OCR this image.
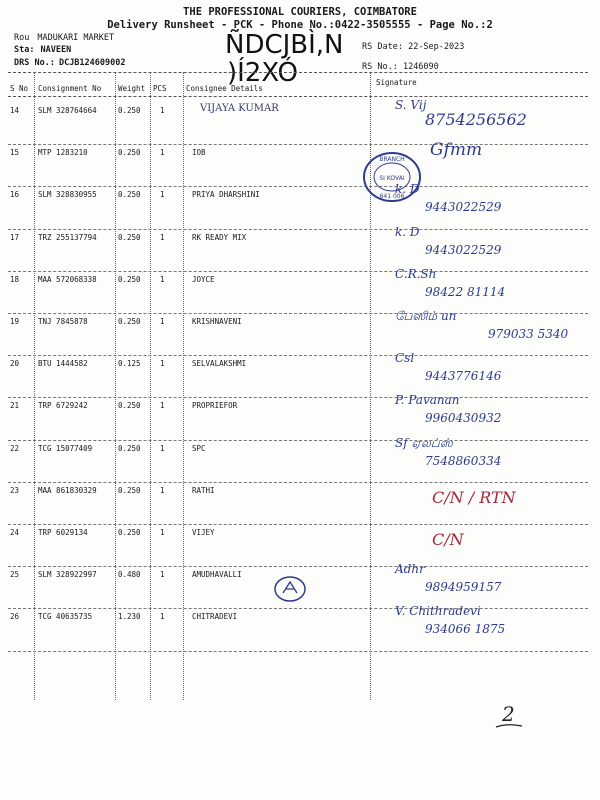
THE PROFESSIONAL COURIERS, COIMBATORE
Delivery Runsheet - PCK - Phone No.:0422-3505555 - Page No.:2
ÑDCJBÌ,N
)Í2XÓ
Rou MADUKARI MARKET
Sta: NAVEEN
DRS No.: DCJB124609002
RS Date: 22-Sep-2023
RS No.: 1246090
S No Consignment No Weight PCS	Consignee Details
Signature
14	SLM 328764664	0.250	1	VIJAYA KUMAR	S. Vij
8754256562
15	MTP 1283210	0.250	1	IOB	Gfmm
16	SLM 328830955	0.250	1	PRIYA DHARSHINI	k. D
9443022529
17	TRZ 255137794	0.250	1	RK READY MIX	k. D
9443022529
18	MAA 572068338	0.250	1	JOYCE	C.R.Sh
98422 81114
19	TNJ 7845878	0.250	1	KRISHNAVENI	பேஸிம் un
979033 5340
20	BTU 1444582	0.125	1	SELVALAKSHMI	Csl
9443776146
21	TRP 6729242	0.250	1	PROPRIEFOR	P. Pavanan
9960430932
22	TCG 15077409	0.250	1	SPC	Sf ஏலப்ஸ்
7548860334
23	MAA 861830329	0.250	1	RATHI	C/N / RTN
24	TRP 6029134	0.250	1	VIJEY	C/N
25	SLM 328922997	0.480	1	AMUDHAVALLI	Adhr
9894959157
26	TCG 40635735	1.230	1	CHITRADEVI	V. Chithradevi
934066 1875
BRANCH
SI KOVAI
641 006
2
